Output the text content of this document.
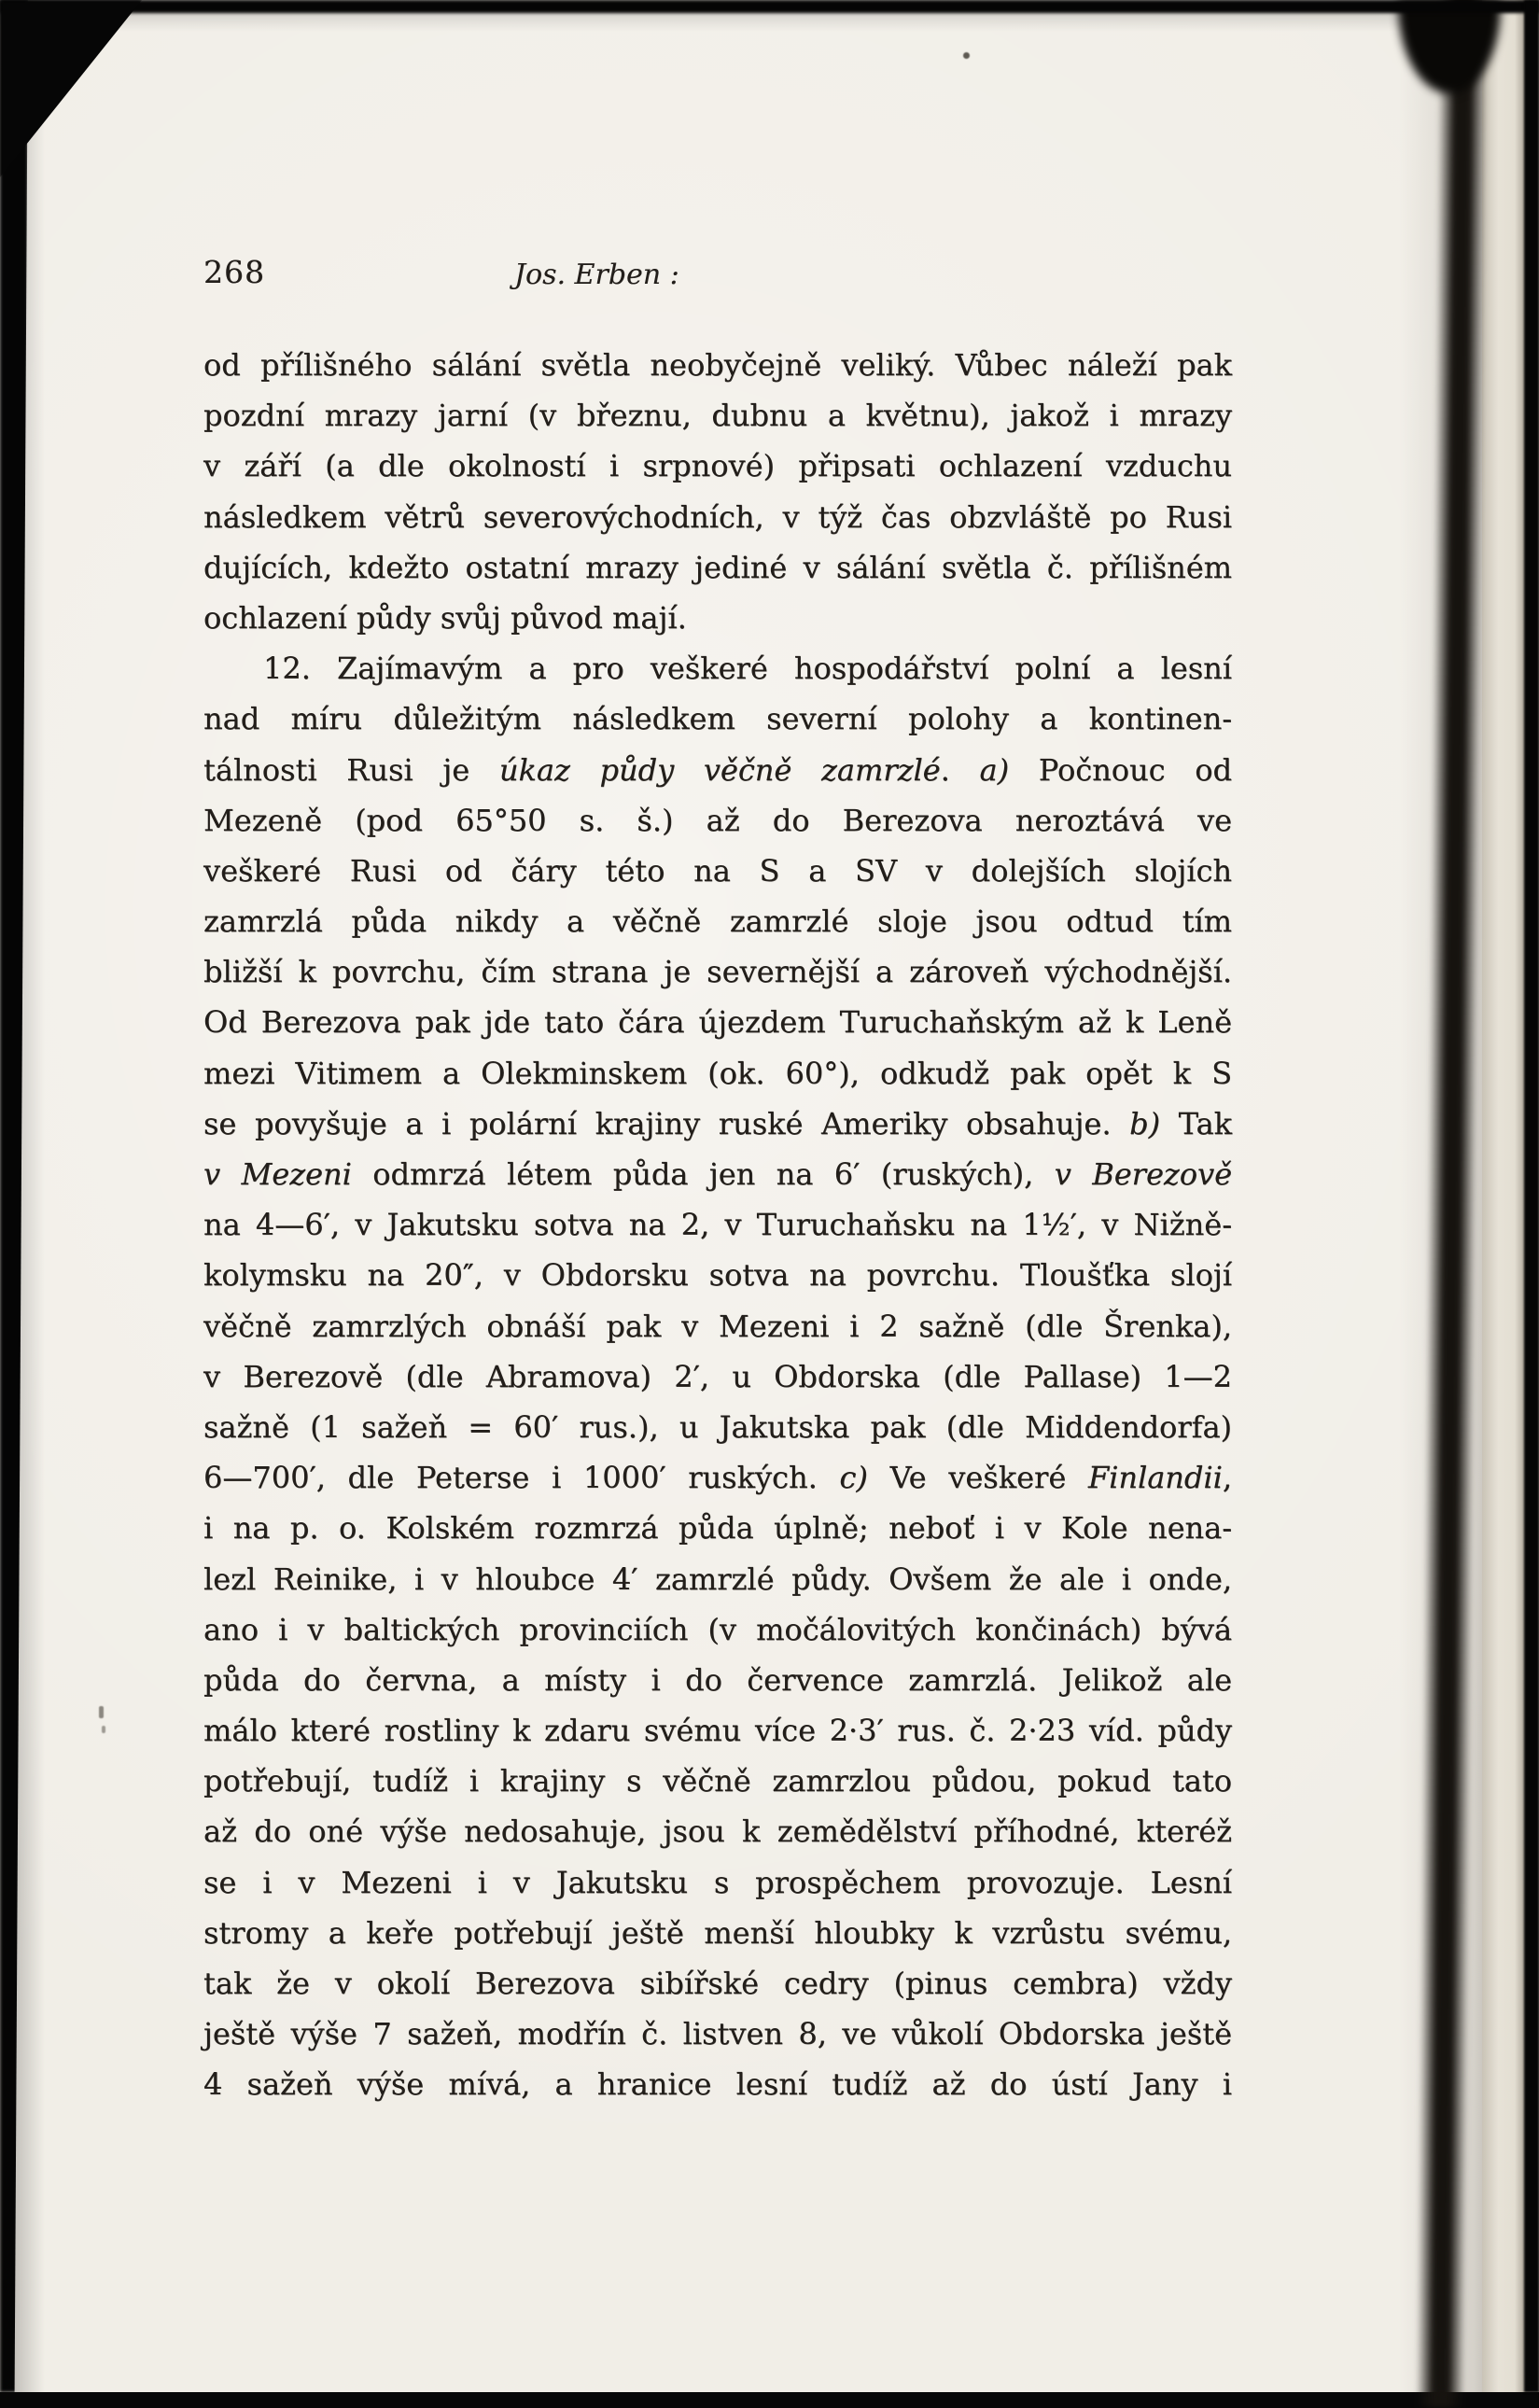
268	Jos. Erben :
od přílišného sálání světla neobyčejně veliký. Vůbec náleží pak
pozdní mrazy jarní (v březnu, dubnu a květnu), jakož i mrazy
v září (a dle okolností i srpnové) připsati ochlazení vzduchu
následkem větrů severovýchodních, v týž čas obzvláště po Rusi
dujících, kdežto ostatní mrazy jediné v sálání světla č. přílišném
ochlazení půdy svůj původ mají.
12. Zajímavým a pro veškeré hospodářství polní a lesní
nad míru důležitým následkem severní polohy a kontinen-
tálnosti Rusi je úkaz půdy věčně zamrzlé. a) Počnouc od
Mezeně (pod 65°50 s. š.) až do Berezova neroztává ve
veškeré Rusi od čáry této na S a SV v dolejších slojích
zamrzlá půda nikdy a věčně zamrzlé sloje jsou odtud tím
bližší k povrchu, čím strana je severnější a zároveň východnější.
Od Berezova pak jde tato čára újezdem Turuchaňským až k Leně
mezi Vitimem a Olekminskem (ok. 60°), odkudž pak opět k S
se povyšuje a i polární krajiny ruské Ameriky obsahuje. b) Tak
v Mezeni odmrzá létem půda jen na 6′ (ruských), v Berezově
na 4—6′, v Jakutsku sotva na 2, v Turuchaňsku na 1½′, v Nižně-
kolymsku na 20″, v Obdorsku sotva na povrchu. Tloušťka slojí
věčně zamrzlých obnáší pak v Mezeni i 2 sažně (dle Šrenka),
v Berezově (dle Abramova) 2′, u Obdorska (dle Pallase) 1—2
sažně (1 sažeň = 60′ rus.), u Jakutska pak (dle Middendorfa)
6—700′, dle Peterse i 1000′ ruských. c) Ve veškeré Finlandii,
i na p. o. Kolském rozmrzá půda úplně; neboť i v Kole nena-
lezl Reinike, i v hloubce 4′ zamrzlé půdy. Ovšem že ale i onde,
ano i v baltických provinciích (v močálovitých končinách) bývá
půda do června, a místy i do července zamrzlá. Jelikož ale
málo které rostliny k zdaru svému více 2·3′ rus. č. 2·23 víd. půdy
potřebují, tudíž i krajiny s věčně zamrzlou půdou, pokud tato
až do oné výše nedosahuje, jsou k zemědělství příhodné, kteréž
se i v Mezeni i v Jakutsku s prospěchem provozuje. Lesní
stromy a keře potřebují ještě menší hloubky k vzrůstu svému,
tak že v okolí Berezova sibířské cedry (pinus cembra) vždy
ještě výše 7 sažeň, modřín č. listven 8, ve vůkolí Obdorska ještě
4 sažeň výše mívá, a hranice lesní tudíž až do ústí Jany i
